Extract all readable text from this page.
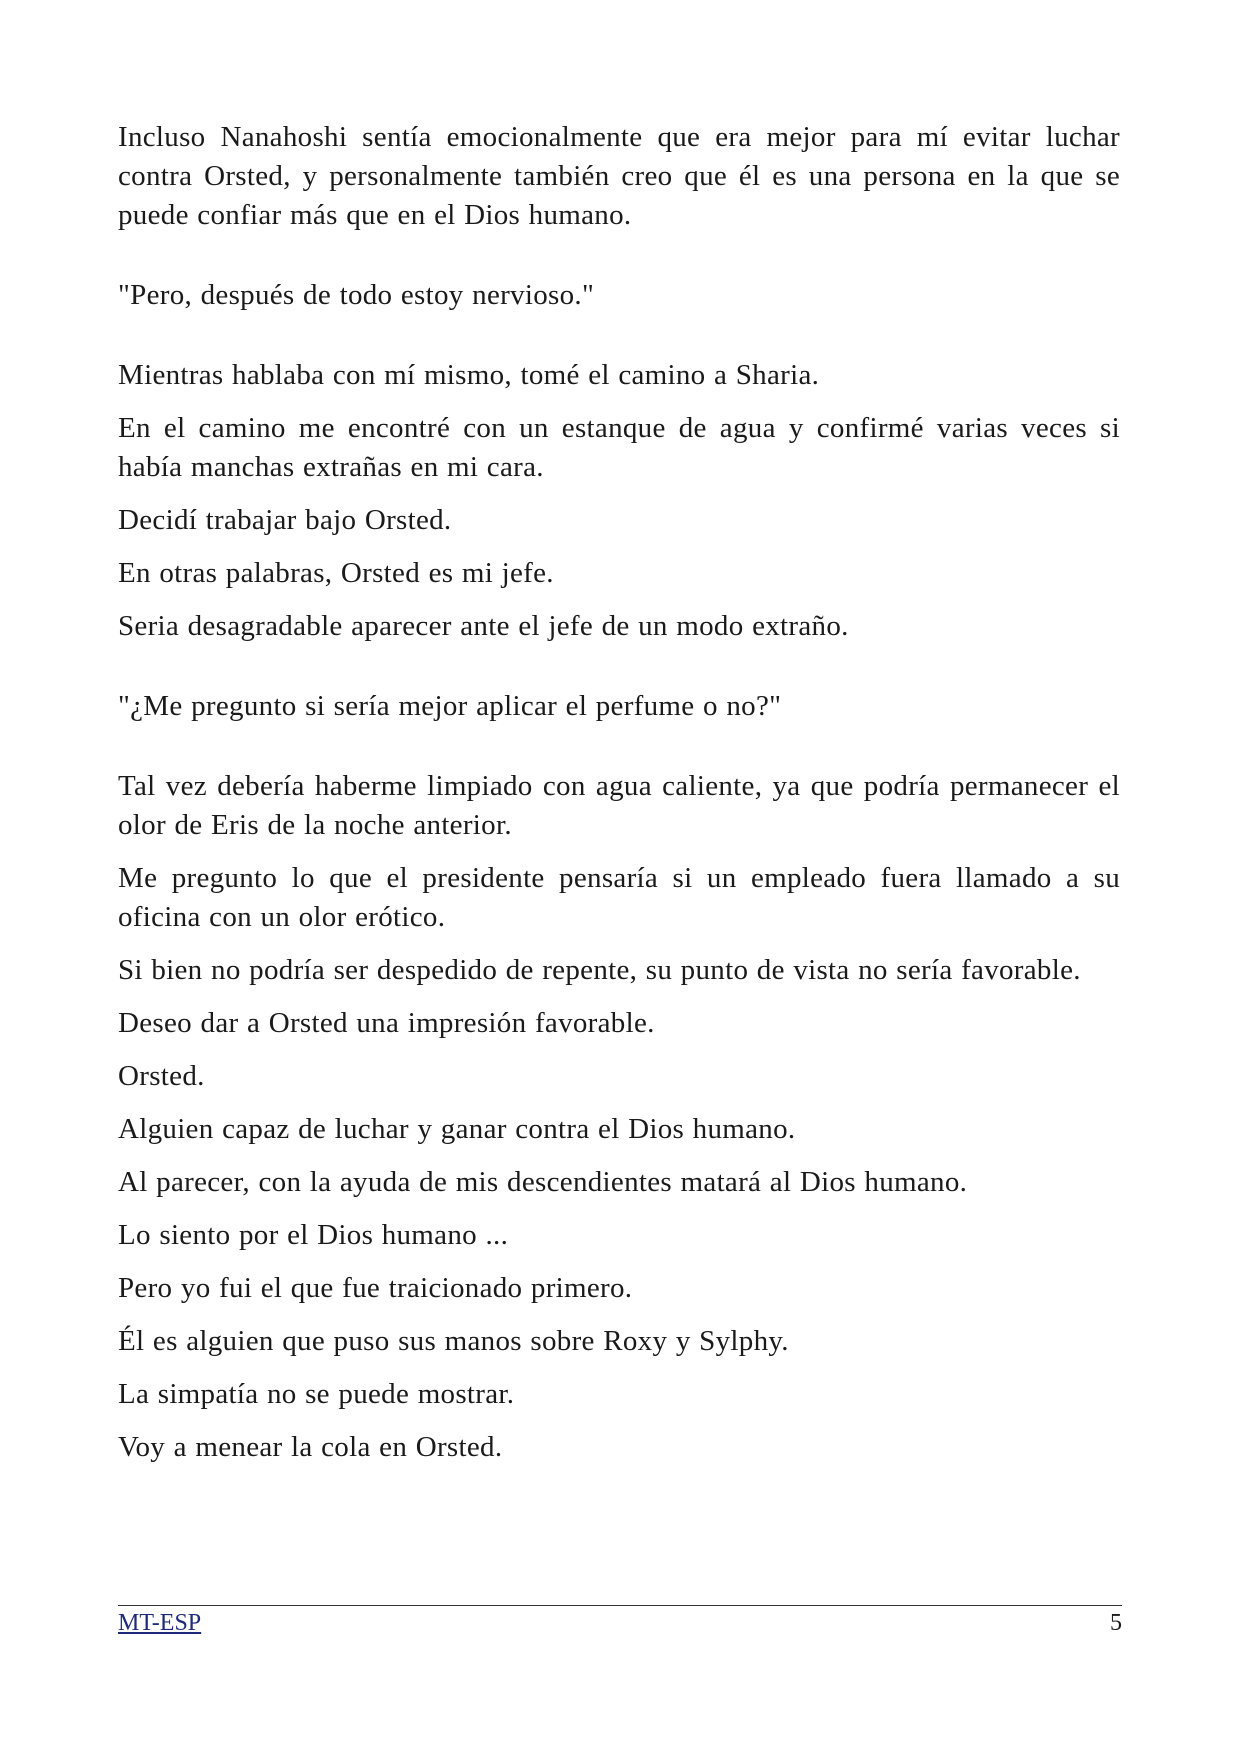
Incluso Nanahoshi sentía emocionalmente que era mejor para mí evitar luchar contra Orsted, y personalmente también creo que él es una persona en la que se puede confiar más que en el Dios humano.

"Pero, después de todo estoy nervioso."

Mientras hablaba con mí mismo, tomé el camino a Sharia.

En el camino me encontré con un estanque de agua y confirmé varias veces si había manchas extrañas en mi cara.

Decidí trabajar bajo Orsted.

En otras palabras, Orsted es mi jefe.

Seria desagradable aparecer ante el jefe de un modo extraño.

"¿Me pregunto si sería mejor aplicar el perfume o no?"

Tal vez debería haberme limpiado con agua caliente, ya que podría permanecer el olor de Eris de la noche anterior.

Me pregunto lo que el presidente pensaría si un empleado fuera llamado a su oficina con un olor erótico.

Si bien no podría ser despedido de repente, su punto de vista no sería favorable.

Deseo dar a Orsted una impresión favorable.

Orsted.

Alguien capaz de luchar y ganar contra el Dios humano.

Al parecer, con la ayuda de mis descendientes matará al Dios humano.

Lo siento por el Dios humano ...

Pero yo fui el que fue traicionado primero.

Él es alguien que puso sus manos sobre Roxy y Sylphy.

La simpatía no se puede mostrar.

Voy a menear la cola en Orsted.

MT-ESP	5
